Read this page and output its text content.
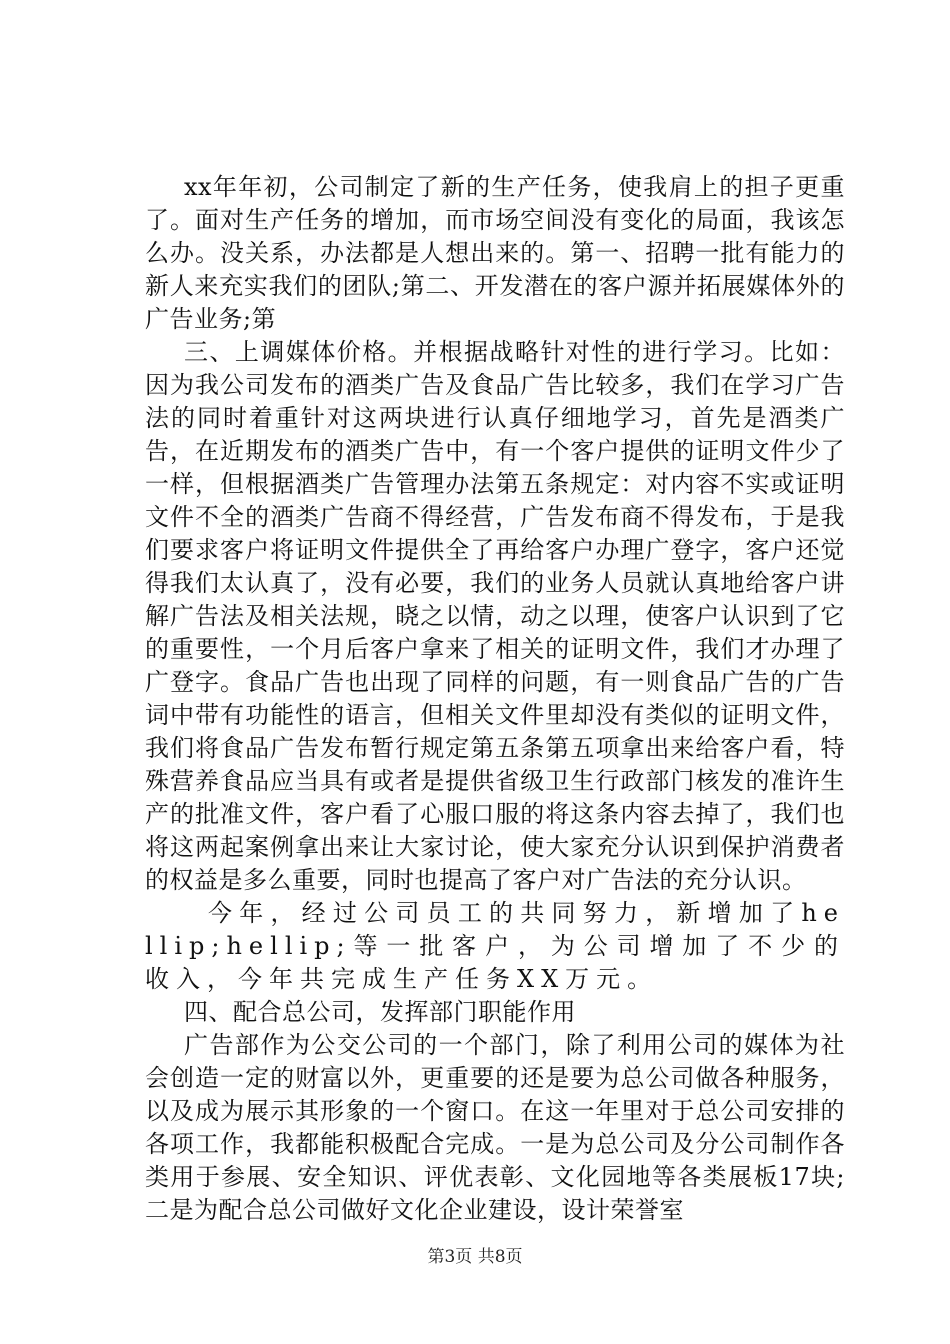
xx年年初，公司制定了新的生产任务，使我肩上的担子更重了。面对生产任务的增加，而市场空间没有变化的局面，我该怎么办。没关系，办法都是人想出来的。第一、招聘一批有能力的新人来充实我们的团队;第二、开发潜在的客户源并拓展媒体外的广告业务;第

三、上调媒体价格。并根据战略针对性的进行学习。比如：因为我公司发布的酒类广告及食品广告比较多，我们在学习广告法的同时着重针对这两块进行认真仔细地学习，首先是酒类广告，在近期发布的酒类广告中，有一个客户提供的证明文件少了一样，但根据酒类广告管理办法第五条规定：对内容不实或证明文件不全的酒类广告商不得经营，广告发布商不得发布，于是我们要求客户将证明文件提供全了再给客户办理广登字，客户还觉得我们太认真了，没有必要，我们的业务人员就认真地给客户讲解广告法及相关法规，晓之以情，动之以理，使客户认识到了它的重要性，一个月后客户拿来了相关的证明文件，我们才办理了广登字。食品广告也出现了同样的问题，有一则食品广告的广告词中带有功能性的语言，但相关文件里却没有类似的证明文件，我们将食品广告发布暂行规定第五条第五项拿出来给客户看，特殊营养食品应当具有或者是提供省级卫生行政部门核发的准许生产的批准文件，客户看了心服口服的将这条内容去掉了，我们也将这两起案例拿出来让大家讨论，使大家充分认识到保护消费者的权益是多么重要，同时也提高了客户对广告法的充分认识。

今年，经过公司员工的共同努力，新增加了hellip;hellip;等一批客户，为公司增加了不少的收入，今年共完成生产任务XX万元。

四、配合总公司，发挥部门职能作用

广告部作为公交公司的一个部门，除了利用公司的媒体为社会创造一定的财富以外，更重要的还是要为总公司做各种服务，以及成为展示其形象的一个窗口。在这一年里对于总公司安排的各项工作，我都能积极配合完成。一是为总公司及分公司制作各类用于参展、安全知识、评优表彰、文化园地等各类展板17块;二是为配合总公司做好文化企业建设，设计荣誉室

第3页 共8页
